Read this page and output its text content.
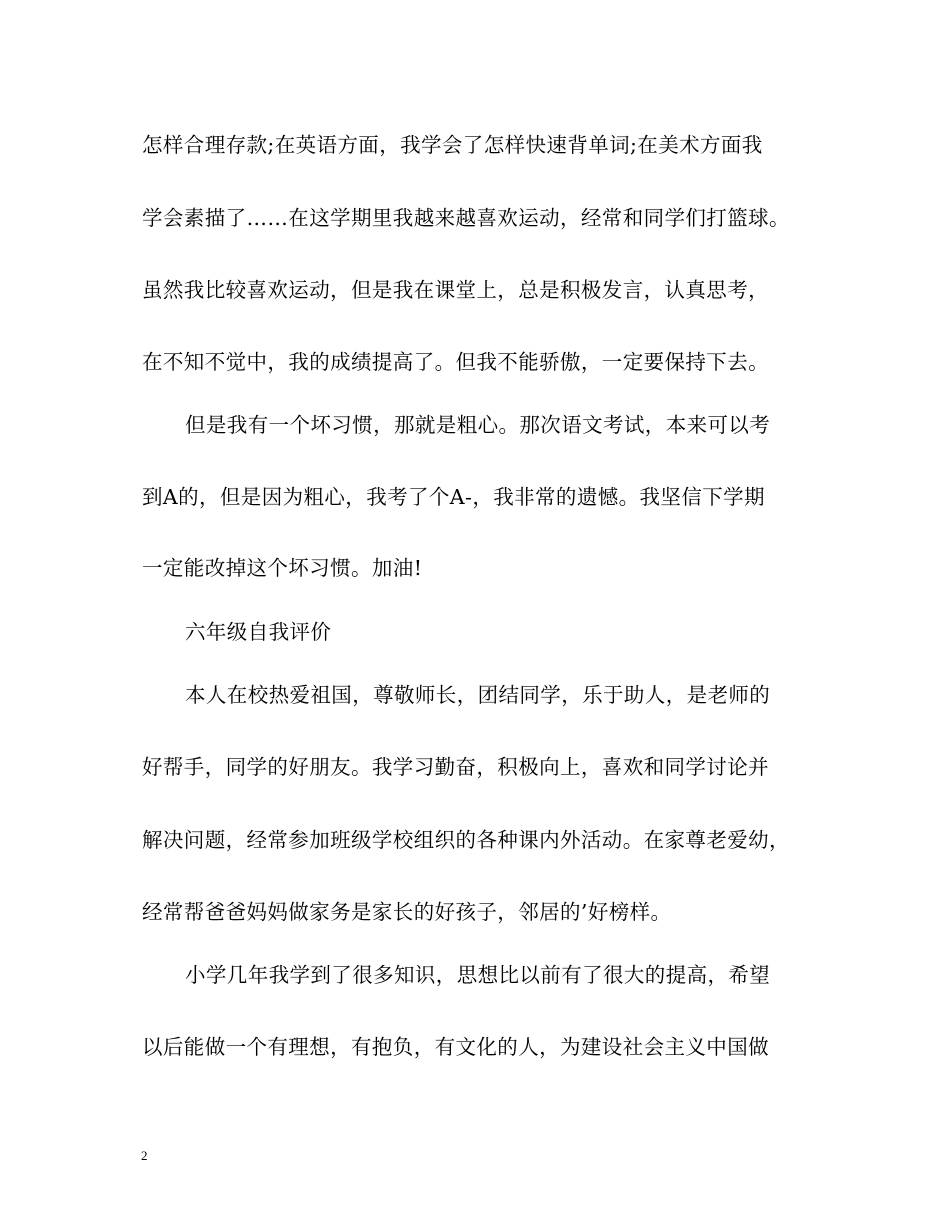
怎样合理存款;在英语方面，我学会了怎样快速背单词;在美术方面我
学会素描了……在这学期里我越来越喜欢运动，经常和同学们打篮球。
虽然我比较喜欢运动，但是我在课堂上，总是积极发言，认真思考，
在不知不觉中，我的成绩提高了。但我不能骄傲，一定要保持下去。
但是我有一个坏习惯，那就是粗心。那次语文考试，本来可以考
到A的，但是因为粗心，我考了个A-，我非常的遗憾。我坚信下学期
一定能改掉这个坏习惯。加油!
六年级自我评价
本人在校热爱祖国，尊敬师长，团结同学，乐于助人，是老师的
好帮手，同学的好朋友。我学习勤奋，积极向上，喜欢和同学讨论并
解决问题，经常参加班级学校组织的各种课内外活动。在家尊老爱幼，
经常帮爸爸妈妈做家务是家长的好孩子，邻居的’好榜样。
小学几年我学到了很多知识，思想比以前有了很大的提高，希望
以后能做一个有理想，有抱负，有文化的人，为建设社会主义中国做
2
